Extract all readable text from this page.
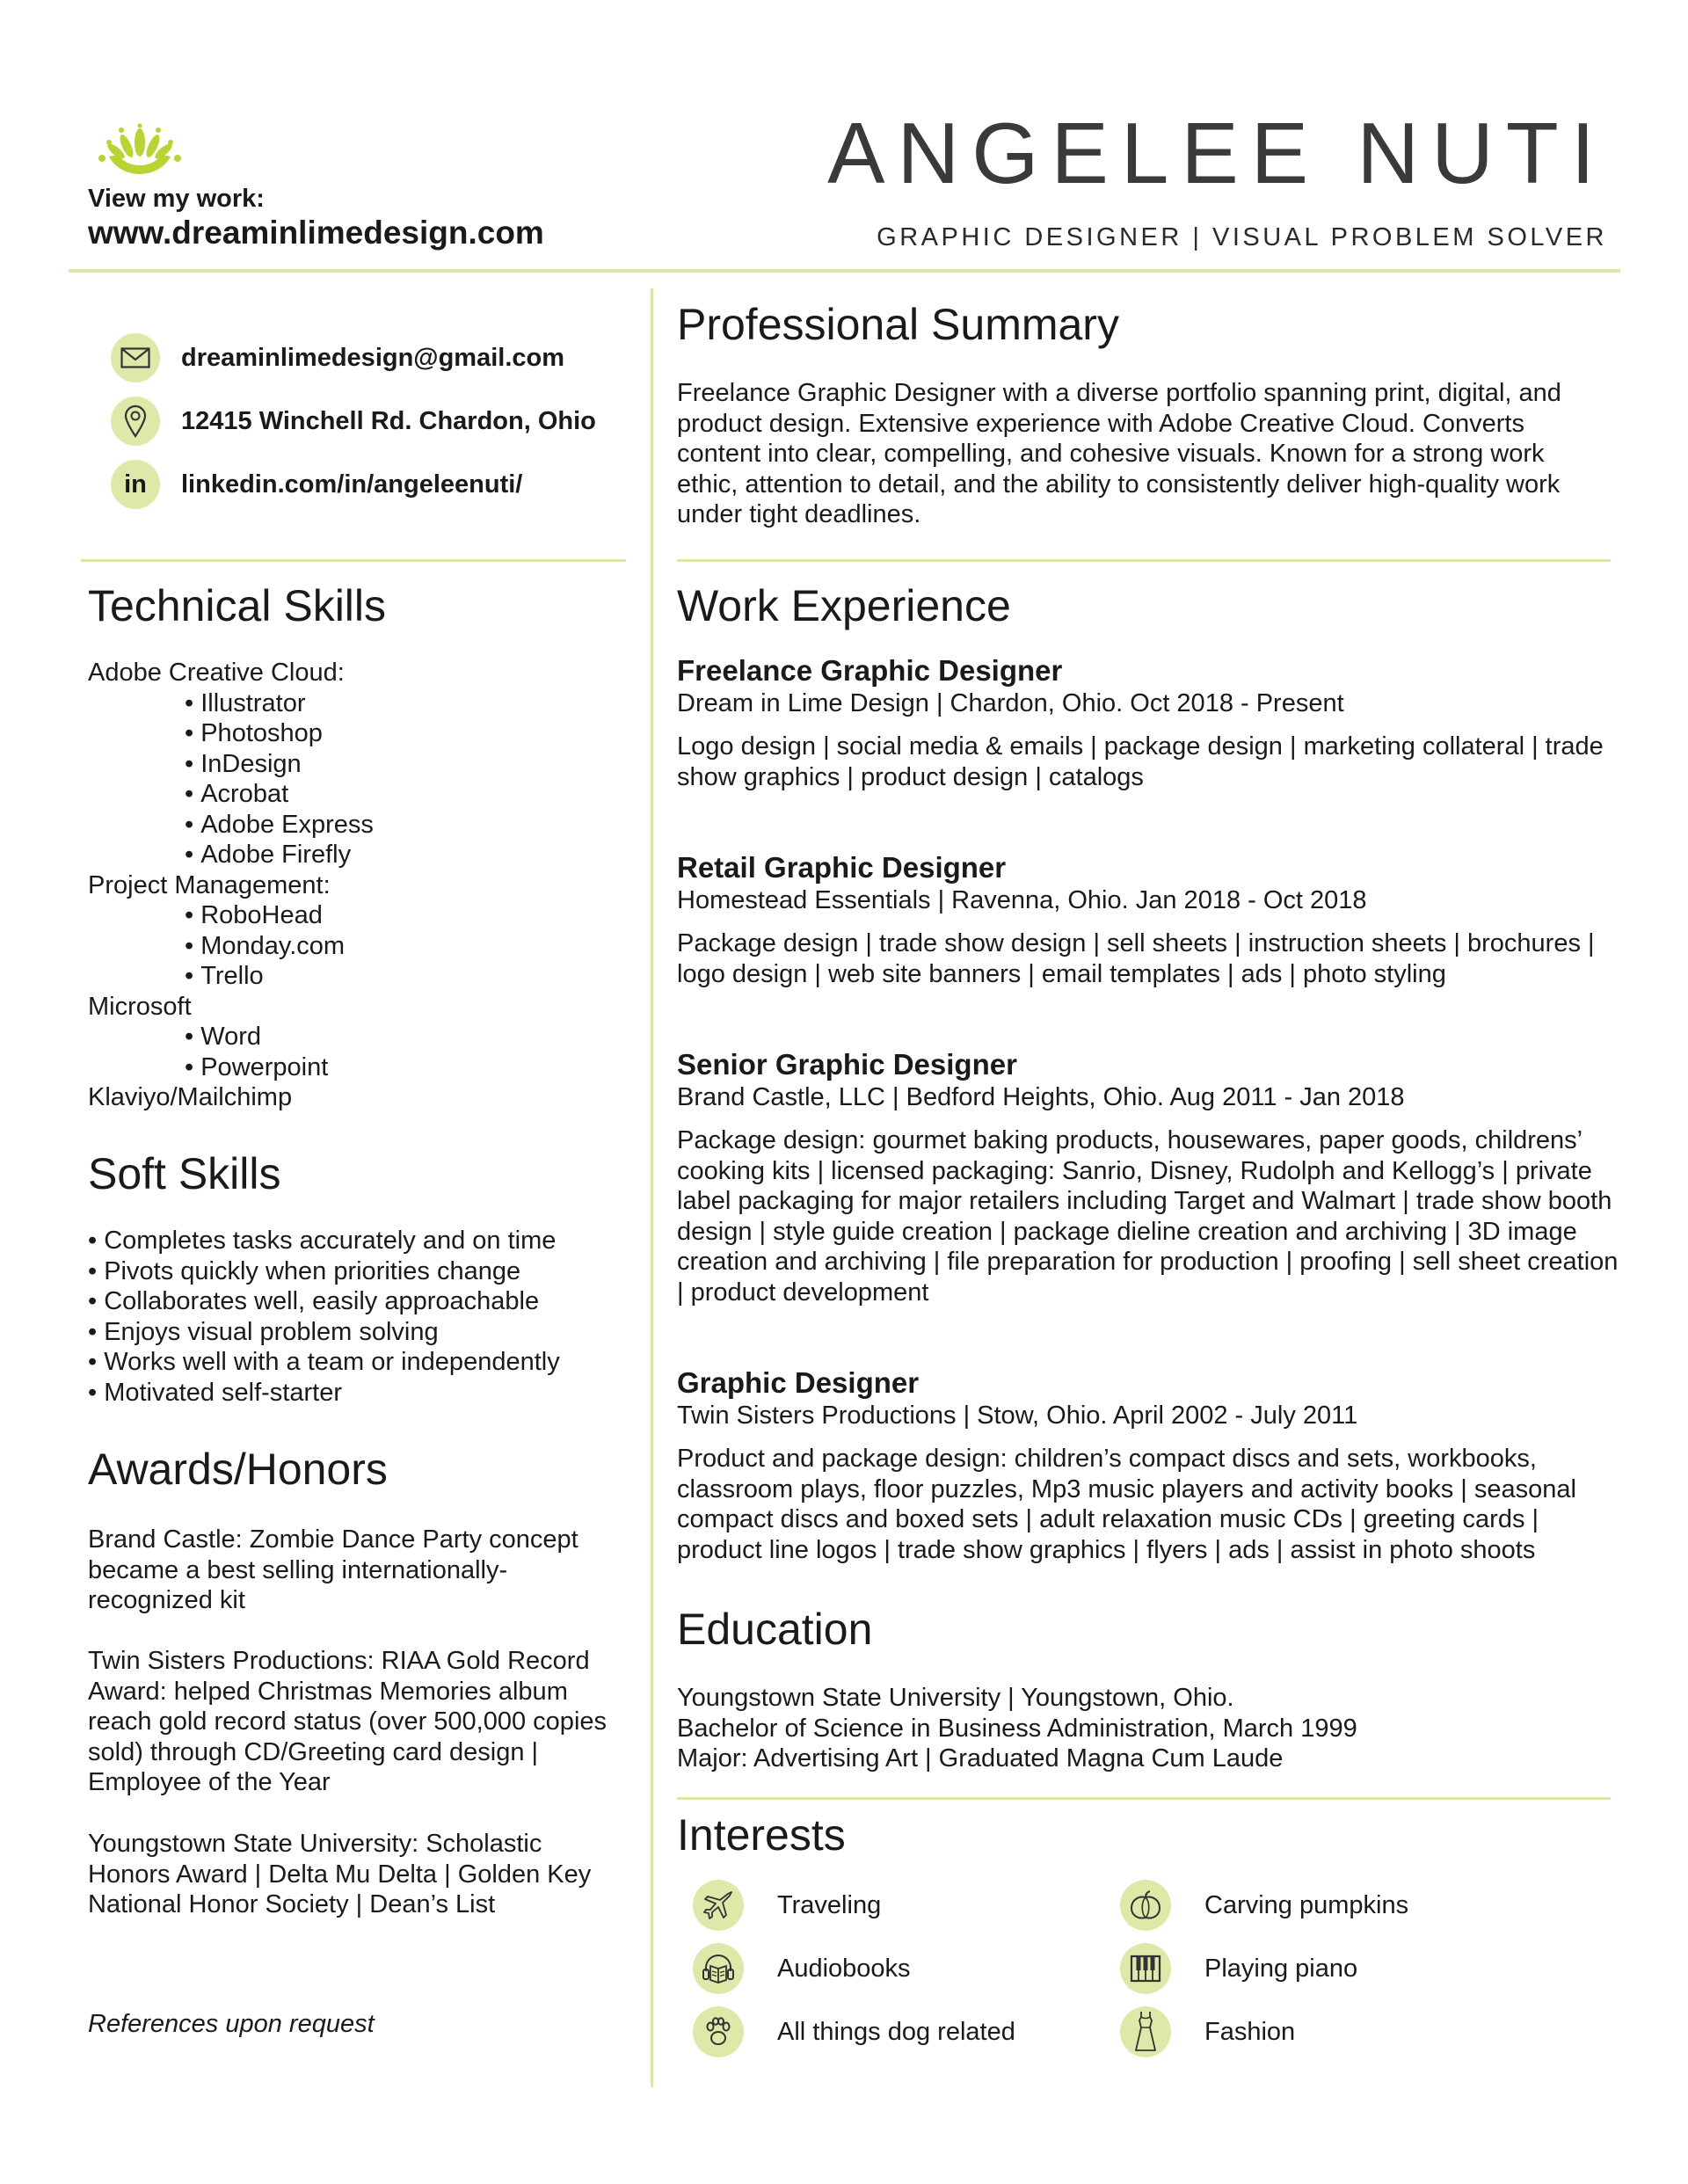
View my work:
www.dreaminlimedesign.com
ANGELEE NUTI
GRAPHIC DESIGNER | VISUAL PROBLEM SOLVER
dreaminlimedesign@gmail.com
12415 Winchell Rd. Chardon, Ohio
in linkedin.com/in/angeleenuti/
Technical Skills
Adobe Creative Cloud:
• Illustrator
• Photoshop
• InDesign
• Acrobat
• Adobe Express
• Adobe Firefly
Project Management:
• RoboHead
• Monday.com
• Trello
Microsoft
• Word
• Powerpoint
Klaviyo/Mailchimp
Soft Skills
• Completes tasks accurately and on time
• Pivots quickly when priorities change
• Collaborates well, easily approachable
• Enjoys visual problem solving
• Works well with a team or independently
• Motivated self-starter
Awards/Honors
Brand Castle: Zombie Dance Party concept became a best selling internationally-recognized kit
Twin Sisters Productions: RIAA Gold Record Award: helped Christmas Memories album reach gold record status (over 500,000 copies sold) through CD/Greeting card design | Employee of the Year
Youngstown State University: Scholastic Honors Award | Delta Mu Delta | Golden Key National Honor Society | Dean’s List
References upon request
Professional Summary
Freelance Graphic Designer with a diverse portfolio spanning print, digital, and product design. Extensive experience with Adobe Creative Cloud. Converts content into clear, compelling, and cohesive visuals. Known for a strong work ethic, attention to detail, and the ability to consistently deliver high-quality work under tight deadlines.
Work Experience
Freelance Graphic Designer
Dream in Lime Design | Chardon, Ohio. Oct 2018 - Present
Logo design | social media & emails | package design | marketing collateral | trade show graphics | product design | catalogs
Retail Graphic Designer
Homestead Essentials | Ravenna, Ohio. Jan 2018 - Oct 2018
Package design | trade show design | sell sheets | instruction sheets | brochures | logo design | web site banners | email templates | ads | photo styling
Senior Graphic Designer
Brand Castle, LLC | Bedford Heights, Ohio. Aug 2011 - Jan 2018
Package design: gourmet baking products, housewares, paper goods, childrens’ cooking kits | licensed packaging: Sanrio, Disney, Rudolph and Kellogg’s | private label packaging for major retailers including Target and Walmart | trade show booth design | style guide creation | package dieline creation and archiving | 3D image creation and archiving | file preparation for production | proofing | sell sheet creation | product development
Graphic Designer
Twin Sisters Productions | Stow, Ohio. April 2002 - July 2011
Product and package design: children’s compact discs and sets, workbooks, classroom plays, floor puzzles, Mp3 music players and activity books | seasonal compact discs and boxed sets | adult relaxation music CDs | greeting cards | product line logos | trade show graphics | flyers | ads | assist in photo shoots
Education
Youngstown State University | Youngstown, Ohio.
Bachelor of Science in Business Administration, March 1999
Major: Advertising Art | Graduated Magna Cum Laude
Interests
Traveling
Audiobooks
All things dog related
Carving pumpkins
Playing piano
Fashion
